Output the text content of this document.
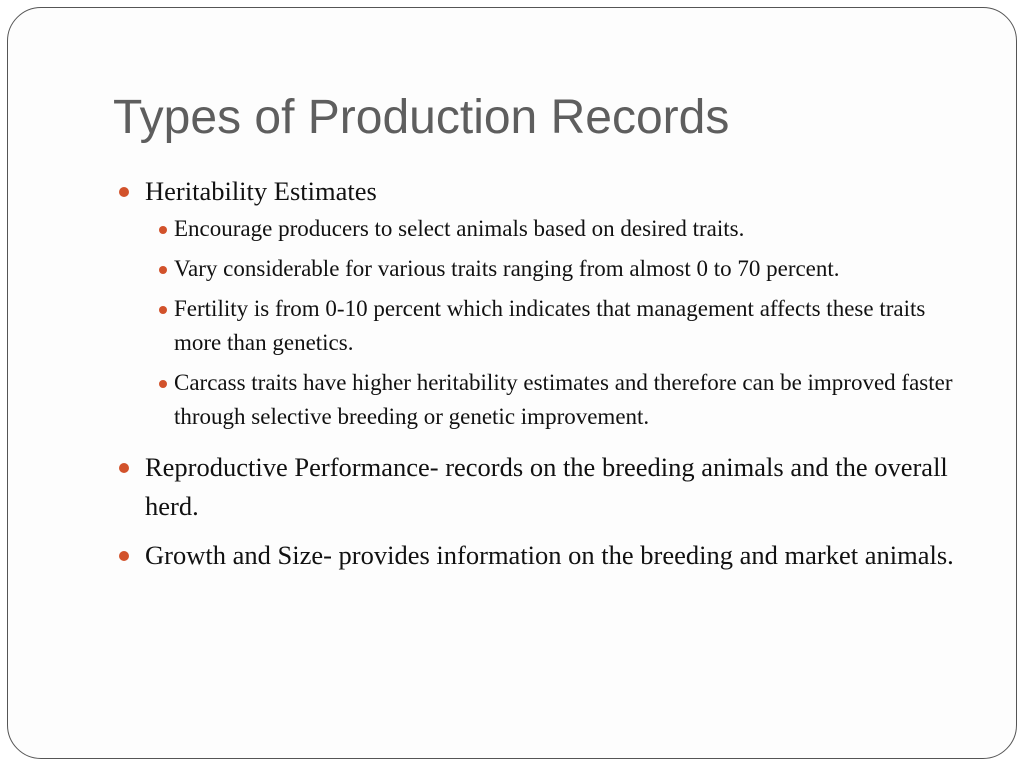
Types of Production Records
Heritability Estimates
Encourage producers to select animals based on desired traits.
Vary considerable for various traits ranging from almost 0 to 70 percent.
Fertility is from 0-10 percent which indicates that management affects these traits more than genetics.
Carcass traits have higher heritability estimates and therefore can be improved faster through selective breeding or genetic improvement.
Reproductive Performance- records on the breeding animals and the overall herd.
Growth and Size- provides information on the breeding and market animals.
